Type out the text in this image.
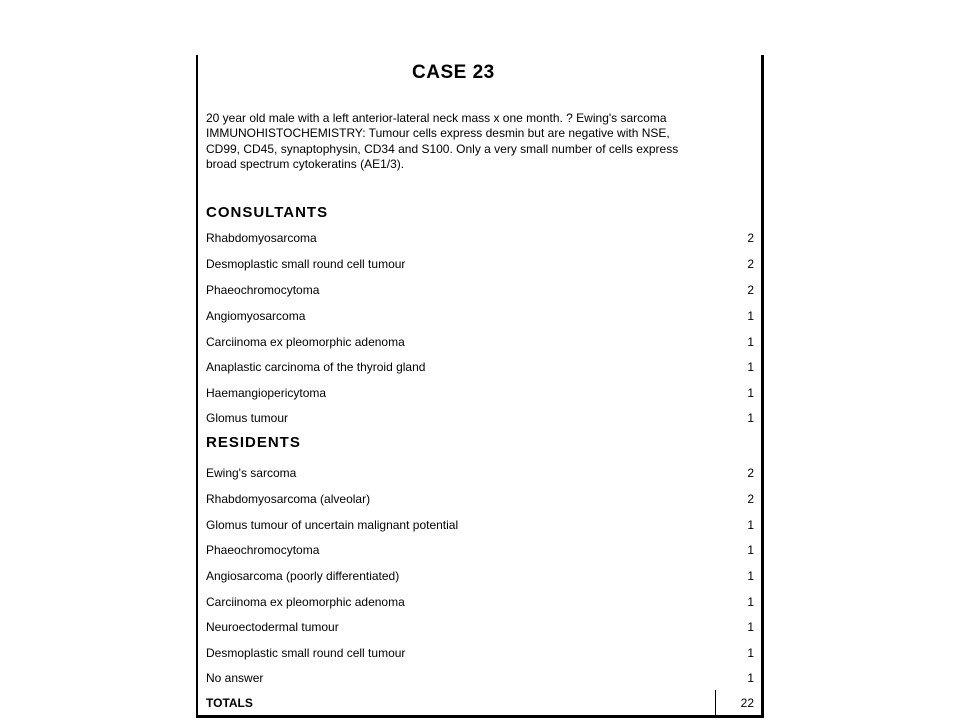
CASE 23

20 year old male with a left anterior-lateral neck mass x one month. ? Ewing's sarcoma

IMMUNOHISTOCHEMISTRY: Tumour cells express desmin but are negative with NSE, CD99, CD45, synaptophysin, CD34 and S100. Only a very small number of cells express broad spectrum cytokeratins (AE1/3).

CONSULTANTS
Rhabdomyosarcoma	2
Desmoplastic small round cell tumour	2
Phaeochromocytoma	2
Angiomyosarcoma	1
Carciinoma ex pleomorphic adenoma	1
Anaplastic carcinoma of the thyroid gland	1
Haemangiopericytoma	1
Glomus tumour	1
RESIDENTS
Ewing's sarcoma	2
Rhabdomyosarcoma (alveolar)	2
Glomus tumour of uncertain malignant potential	1
Phaeochromocytoma	1
Angiosarcoma (poorly differentiated)	1
Carciinoma ex pleomorphic adenoma	1
Neuroectodermal tumour	1
Desmoplastic small round cell tumour	1
No answer	1
TOTALS	22
